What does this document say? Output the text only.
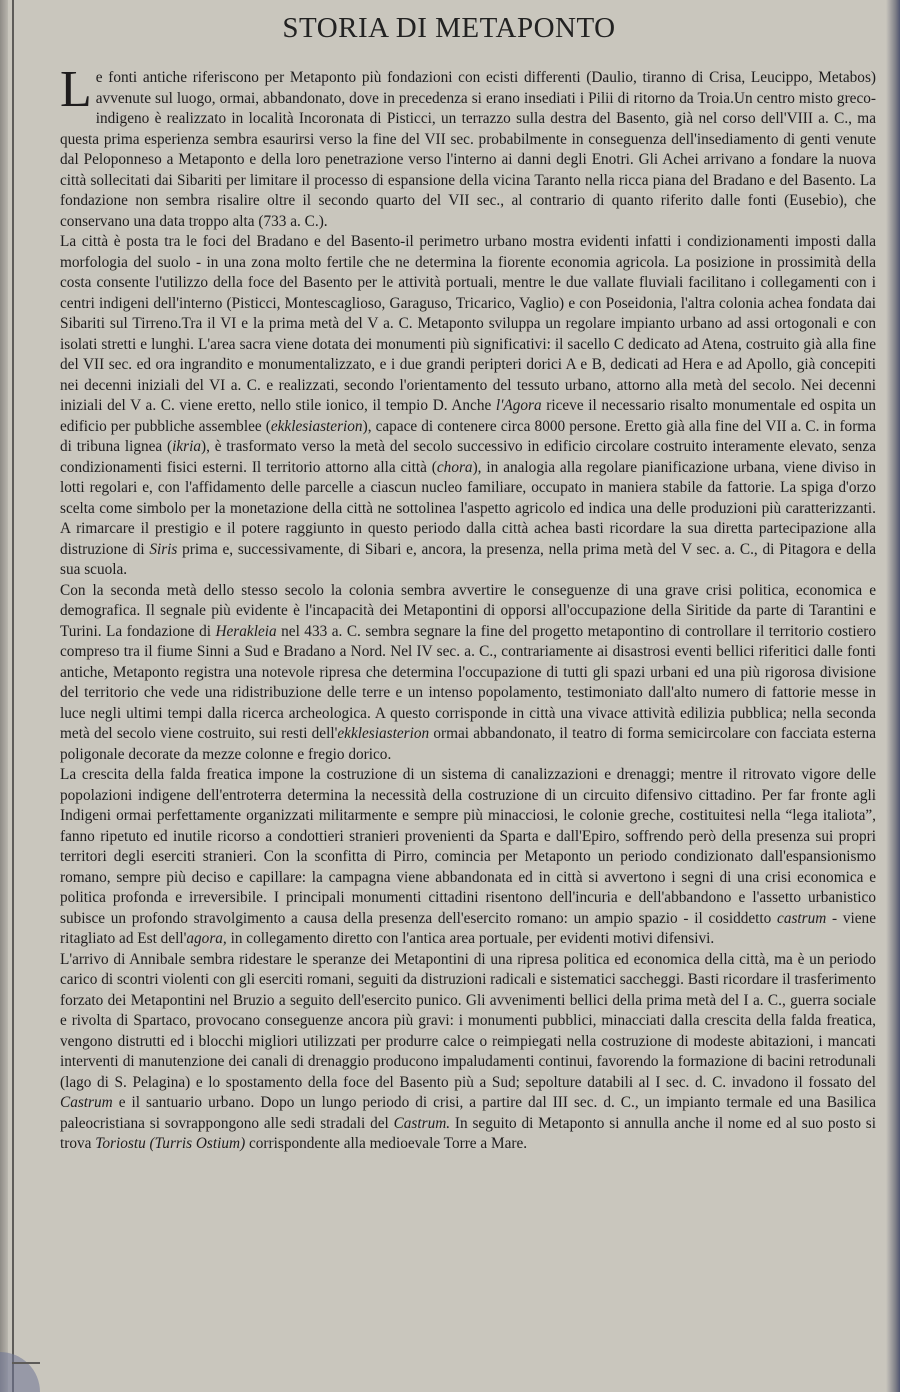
STORIA DI METAPONTO

Le fonti antiche riferiscono per Metaponto più fondazioni con ecisti differenti (Daulio, tiranno di Crisa, Leucippo, Metabos) avvenute sul luogo, ormai, abbandonato, dove in precedenza si erano insediati i Pilii di ritorno da Troia.Un centro misto greco-indigeno è realizzato in località Incoronata di Pisticci, un terrazzo sulla destra del Basento, già nel corso dell'VIII a. C., ma questa prima esperienza sembra esaurirsi verso la fine del VII sec. probabilmente in conseguenza dell'insediamento di genti venute dal Peloponneso a Metaponto e della loro penetrazione verso l'interno ai danni degli Enotri. Gli Achei arrivano a fondare la nuova città sollecitati dai Sibariti per limitare il processo di espansione della vicina Taranto nella ricca piana del Bradano e del Basento. La fondazione non sembra risalire oltre il secondo quarto del VII sec., al contrario di quanto riferito dalle fonti (Eusebio), che conservano una data troppo alta (733 a. C.).

La città è posta tra le foci del Bradano e del Basento-il perimetro urbano mostra evidenti infatti i condizionamenti imposti dalla morfologia del suolo - in una zona molto fertile che ne determina la fiorente economia agricola. La posizione in prossimità della costa consente l'utilizzo della foce del Basento per le attività portuali, mentre le due vallate fluviali facilitano i collegamenti con i centri indigeni dell'interno (Pisticci, Montescaglioso, Garaguso, Tricarico, Vaglio) e con Poseidonia, l'altra colonia achea fondata dai Sibariti sul Tirreno.Tra il VI e la prima metà del V a. C. Metaponto sviluppa un regolare impianto urbano ad assi ortogonali e con isolati stretti e lunghi. L'area sacra viene dotata dei monumenti più significativi: il sacello C dedicato ad Atena, costruito già alla fine del VII sec. ed ora ingrandito e monumentalizzato, e i due grandi peripteri dorici A e B, dedicati ad Hera e ad Apollo, già concepiti nei decenni iniziali del VI a. C. e realizzati, secondo l'orientamento del tessuto urbano, attorno alla metà del secolo. Nei decenni iniziali del V a. C. viene eretto, nello stile ionico, il tempio D. Anche l'Agora riceve il necessario risalto monumentale ed ospita un edificio per pubbliche assemblee (ekklesiasterion), capace di contenere circa 8000 persone. Eretto già alla fine del VII a. C. in forma di tribuna lignea (ikria), è trasformato verso la metà del secolo successivo in edificio circolare costruito interamente elevato, senza condizionamenti fisici esterni. Il territorio attorno alla città (chora), in analogia alla regolare pianificazione urbana, viene diviso in lotti regolari e, con l'affidamento delle parcelle a ciascun nucleo familiare, occupato in maniera stabile da fattorie. La spiga d'orzo scelta come simbolo per la monetazione della città ne sottolinea l'aspetto agricolo ed indica una delle produzioni più caratterizzanti. A rimarcare il prestigio e il potere raggiunto in questo periodo dalla città achea basti ricordare la sua diretta partecipazione alla distruzione di Siris prima e, successivamente, di Sibari e, ancora, la presenza, nella prima metà del V sec. a. C., di Pitagora e della sua scuola.

Con la seconda metà dello stesso secolo la colonia sembra avvertire le conseguenze di una grave crisi politica, economica e demografica. Il segnale più evidente è l'incapacità dei Metapontini di opporsi all'occupazione della Siritide da parte di Tarantini e Turini. La fondazione di Herakleia nel 433 a. C. sembra segnare la fine del progetto metapontino di controllare il territorio costiero compreso tra il fiume Sinni a Sud e Bradano a Nord. Nel IV sec. a. C., contrariamente ai disastrosi eventi bellici riferitici dalle fonti antiche, Metaponto registra una notevole ripresa che determina l'occupazione di tutti gli spazi urbani ed una più rigorosa divisione del territorio che vede una ridistribuzione delle terre e un intenso popolamento, testimoniato dall'alto numero di fattorie messe in luce negli ultimi tempi dalla ricerca archeologica. A questo corrisponde in città una vivace attività edilizia pubblica; nella seconda metà del secolo viene costruito, sui resti dell'ekklesiasterion ormai abbandonato, il teatro di forma semicircolare con facciata esterna poligonale decorate da mezze colonne e fregio dorico.

La crescita della falda freatica impone la costruzione di un sistema di canalizzazioni e drenaggi; mentre il ritrovato vigore delle popolazioni indigene dell'entroterra determina la necessità della costruzione di un circuito difensivo cittadino. Per far fronte agli Indigeni ormai perfettamente organizzati militarmente e sempre più minacciosi, le colonie greche, costituitesi nella “lega italiota”, fanno ripetuto ed inutile ricorso a condottieri stranieri provenienti da Sparta e dall'Epiro, soffrendo però della presenza sui propri territori degli eserciti stranieri. Con la sconfitta di Pirro, comincia per Metaponto un periodo condizionato dall'espansionismo romano, sempre più deciso e capillare: la campagna viene abbandonata ed in città si avvertono i segni di una crisi economica e politica profonda e irreversibile. I principali monumenti cittadini risentono dell'incuria e dell'abbandono e l'assetto urbanistico subisce un profondo stravolgimento a causa della presenza dell'esercito romano: un ampio spazio - il cosiddetto castrum - viene ritagliato ad Est dell'agora, in collegamento diretto con l'antica area portuale, per evidenti motivi difensivi.

L'arrivo di Annibale sembra ridestare le speranze dei Metapontini di una ripresa politica ed economica della città, ma è un periodo carico di scontri violenti con gli eserciti romani, seguiti da distruzioni radicali e sistematici saccheggi. Basti ricordare il trasferimento forzato dei Metapontini nel Bruzio a seguito dell'esercito punico. Gli avvenimenti bellici della prima metà del I a. C., guerra sociale e rivolta di Spartaco, provocano conseguenze ancora più gravi: i monumenti pubblici, minacciati dalla crescita della falda freatica, vengono distrutti ed i blocchi migliori utilizzati per produrre calce o reimpiegati nella costruzione di modeste abitazioni, i mancati interventi di manutenzione dei canali di drenaggio producono impaludamenti continui, favorendo la formazione di bacini retrodunali (lago di S. Pelagina) e lo spostamento della foce del Basento più a Sud; sepolture databili al I sec. d. C. invadono il fossato del Castrum e il santuario urbano. Dopo un lungo periodo di crisi, a partire dal III sec. d. C., un impianto termale ed una Basilica paleocristiana si sovrappongono alle sedi stradali del Castrum. In seguito di Metaponto si annulla anche il nome ed al suo posto si trova Toriostu (Turris Ostium) corrispondente alla medioevale Torre a Mare.
